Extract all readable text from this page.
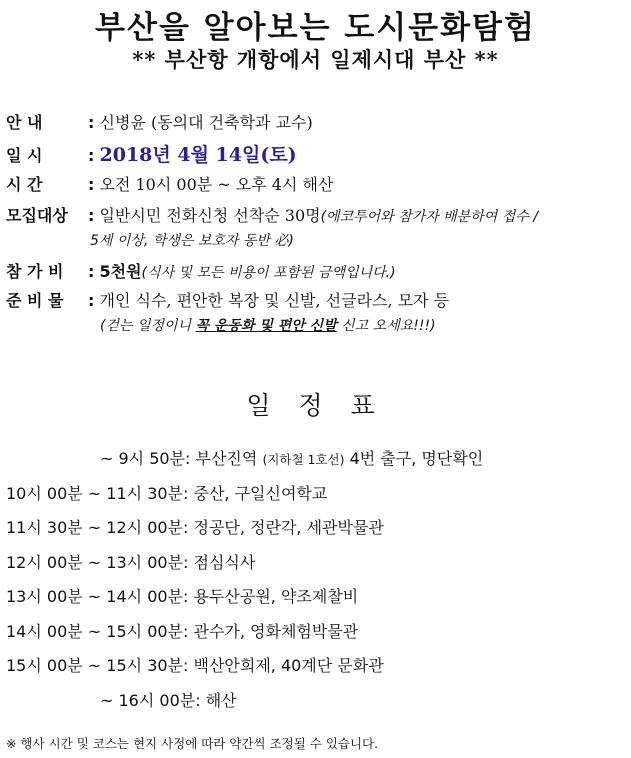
부산을 알아보는 도시문화탐험
** 부산항 개항에서 일제시대 부산 **
안 내	: 신병윤 (동의대 건축학과 교수)
일 시	: 2018년 4월 14일(토)
시 간	: 오전 10시 00분 ~ 오후 4시 해산
모집대상 : 일반시민 전화신청 선착순 30명(에코투어와 참가자 배분하여 접수 /
5세 이상, 학생은 보호자 동반 必)
참 가 비 : 5천원(식사 및 모든 비용이 포함된 금액입니다.)
준 비 물 : 개인 식수, 편안한 복장 및 신발, 선글라스, 모자 등
(걷는 일정이니 꼭 운동화 및 편안 신발 신고 오세요!!!)
일 정 표
~ 9시 50분: 부산진역 (지하철 1호선) 4번 출구, 명단확인
10시 00분 ~ 11시 30분: 중산, 구일신여학교
11시 30분 ~ 12시 00분: 정공단, 정란각, 세관박물관
12시 00분 ~ 13시 00분: 점심식사
13시 00분 ~ 14시 00분: 용두산공원, 약조제찰비
14시 00분 ~ 15시 00분: 관수가, 영화체험박물관
15시 00분 ~ 15시 30분: 백산안희제, 40계단 문화관
~ 16시 00분: 해산
※ 행사 시간 및 코스는 현지 사정에 따라 약간씩 조정될 수 있습니다.
